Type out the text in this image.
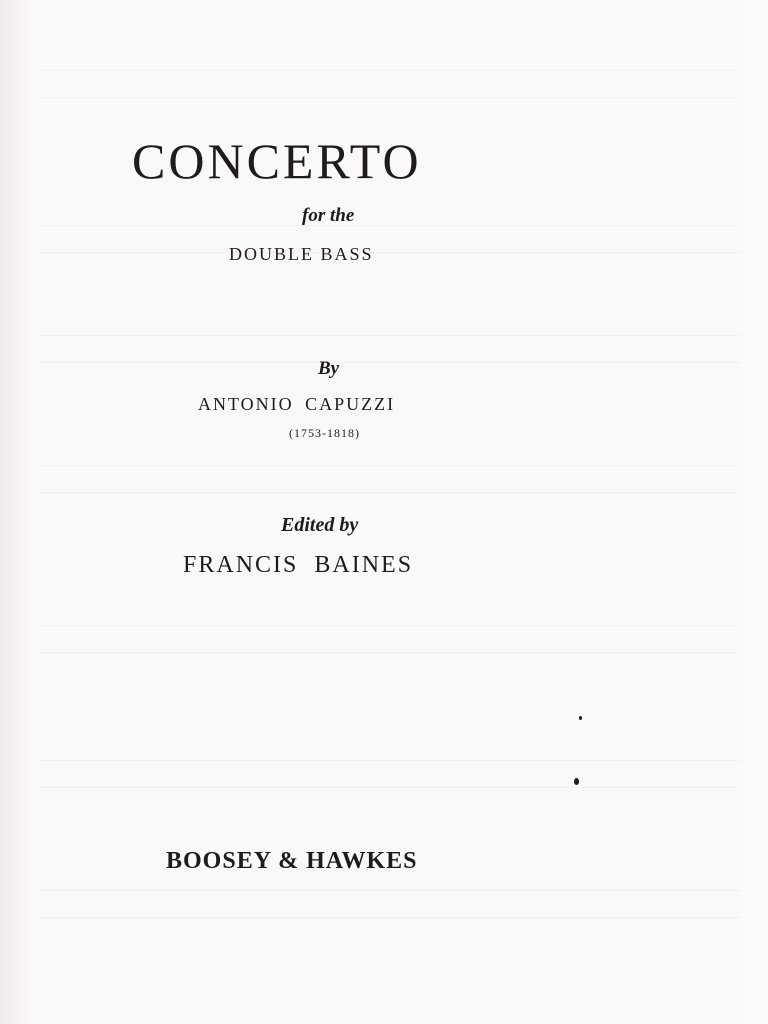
CONCERTO

for the

DOUBLE BASS

By

ANTONIO CAPUZZI

(1753-1818)

Edited by

FRANCIS BAINES

BOOSEY & HAWKES
